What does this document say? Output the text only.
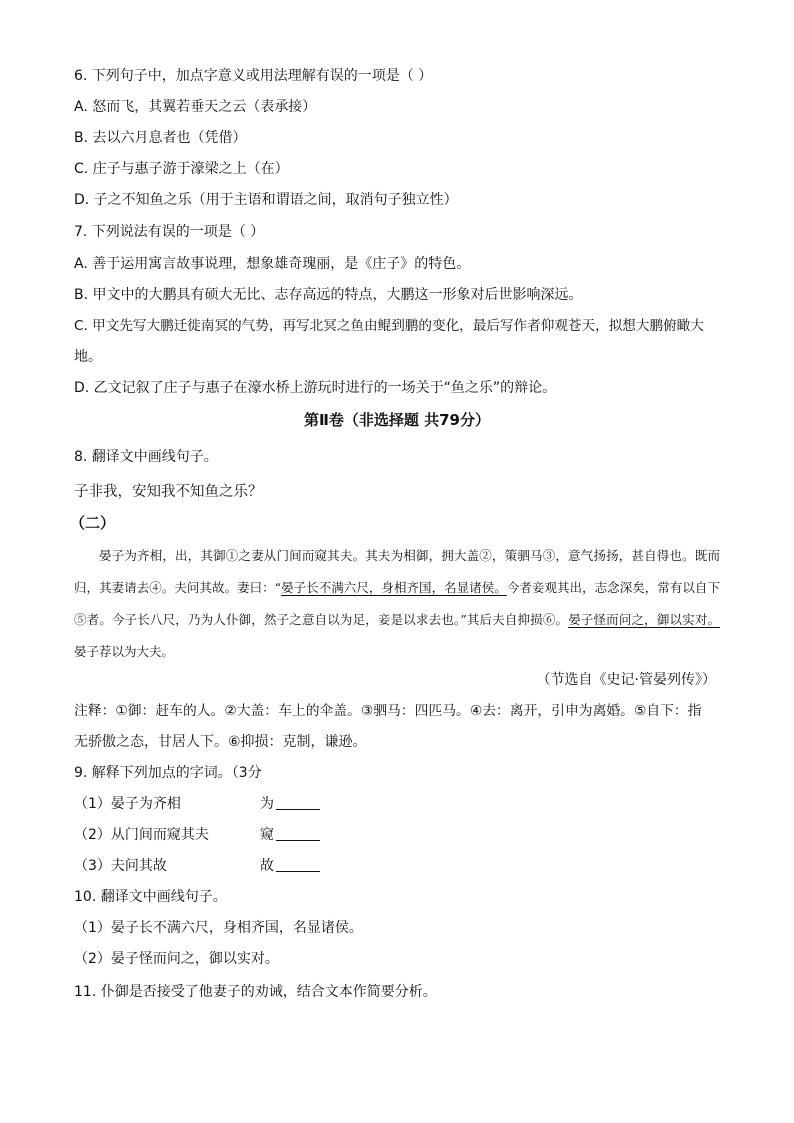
6. 下列句子中，加点字意义或用法理解有误的一项是（ ）
A. 怒而飞，其翼若垂天之云（表承接）
B. 去以六月息者也（凭借）
C. 庄子与惠子游于濠梁之上（在）
D. 子之不知鱼之乐（用于主语和谓语之间，取消句子独立性）
7. 下列说法有误的一项是（ ）
A. 善于运用寓言故事说理，想象雄奇瑰丽，是《庄子》的特色。
B. 甲文中的大鹏具有硕大无比、志存高远的特点，大鹏这一形象对后世影响深远。
C. 甲文先写大鹏迁徙南冥的气势，再写北冥之鱼由鲲到鹏的变化，最后写作者仰观苍天，拟想大鹏俯瞰大
地。
D. 乙文记叙了庄子与惠子在濠水桥上游玩时进行的一场关于“鱼之乐”的辩论。
第Ⅱ卷（非选择题 共79分）
8. 翻译文中画线句子。
子非我，安知我不知鱼之乐？
（二）
晏子为齐相，出，其御①之妻从门间而窥其夫。其夫为相御，拥大盖②，策驷马③，意气扬扬，甚自得也。既而归，其妻请去④。夫问其故。妻曰：“晏子长不满六尺，身相齐国，名显诸侯。今者妾观其出，志念深矣，常有以自下⑤者。今子长八尺，乃为人仆御，然子之意自以为足，妾是以求去也。”其后夫自抑损⑥。晏子怪而问之，御以实对。晏子荐以为大夫。
（节选自《史记·管晏列传》）
注释：①御：赶车的人。②大盖：车上的伞盖。③驷马：四匹马。④去：离开，引申为离婚。⑤自下：指
无骄傲之态，甘居人下。⑥抑损：克制，谦逊。
9. 解释下列加点的字词。（3分
（1）晏子为齐相	为
（2）从门间而窥其夫	窥
（3）夫问其故	故
10. 翻译文中画线句子。
（1）晏子长不满六尺，身相齐国，名显诸侯。
（2）晏子怪而问之，御以实对。
11. 仆御是否接受了他妻子的劝诫，结合文本作简要分析。
